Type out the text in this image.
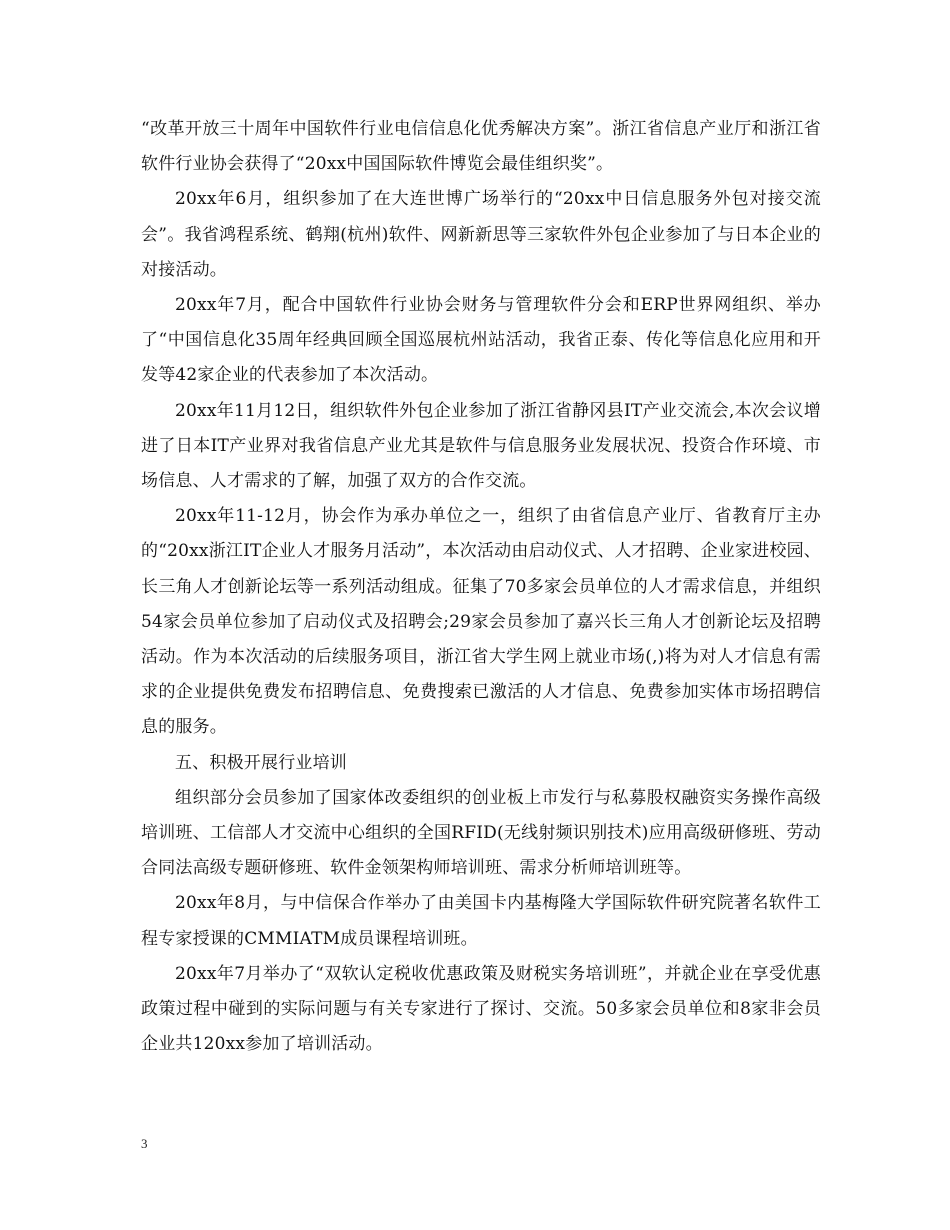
“改革开放三十周年中国软件行业电信信息化优秀解决方案”。浙江省信息产业厅和浙江省软件行业协会获得了“20xx中国国际软件博览会最佳组织奖”。

20xx年6月，组织参加了在大连世博广场举行的“20xx中日信息服务外包对接交流会”。我省鸿程系统、鹤翔(杭州)软件、网新新思等三家软件外包企业参加了与日本企业的对接活动。

20xx年7月，配合中国软件行业协会财务与管理软件分会和ERP世界网组织、举办了“中国信息化35周年经典回顾全国巡展杭州站活动，我省正泰、传化等信息化应用和开发等42家企业的代表参加了本次活动。

20xx年11月12日，组织软件外包企业参加了浙江省静冈县IT产业交流会,本次会议增进了日本IT产业界对我省信息产业尤其是软件与信息服务业发展状况、投资合作环境、市场信息、人才需求的了解，加强了双方的合作交流。

20xx年11-12月，协会作为承办单位之一，组织了由省信息产业厅、省教育厅主办的“20xx浙江IT企业人才服务月活动”，本次活动由启动仪式、人才招聘、企业家进校园、长三角人才创新论坛等一系列活动组成。征集了70多家会员单位的人才需求信息，并组织54家会员单位参加了启动仪式及招聘会;29家会员参加了嘉兴长三角人才创新论坛及招聘活动。作为本次活动的后续服务项目，浙江省大学生网上就业市场(,)将为对人才信息有需求的企业提供免费发布招聘信息、免费搜索已激活的人才信息、免费参加实体市场招聘信息的服务。

五、积极开展行业培训

组织部分会员参加了国家体改委组织的创业板上市发行与私募股权融资实务操作高级培训班、工信部人才交流中心组织的全国RFID(无线射频识别技术)应用高级研修班、劳动合同法高级专题研修班、软件金领架构师培训班、需求分析师培训班等。

20xx年8月，与中信保合作举办了由美国卡内基梅隆大学国际软件研究院著名软件工程专家授课的CMMIATM成员课程培训班。

20xx年7月举办了“双软认定税收优惠政策及财税实务培训班”，并就企业在享受优惠政策过程中碰到的实际问题与有关专家进行了探讨、交流。50多家会员单位和8家非会员企业共120xx参加了培训活动。

3
